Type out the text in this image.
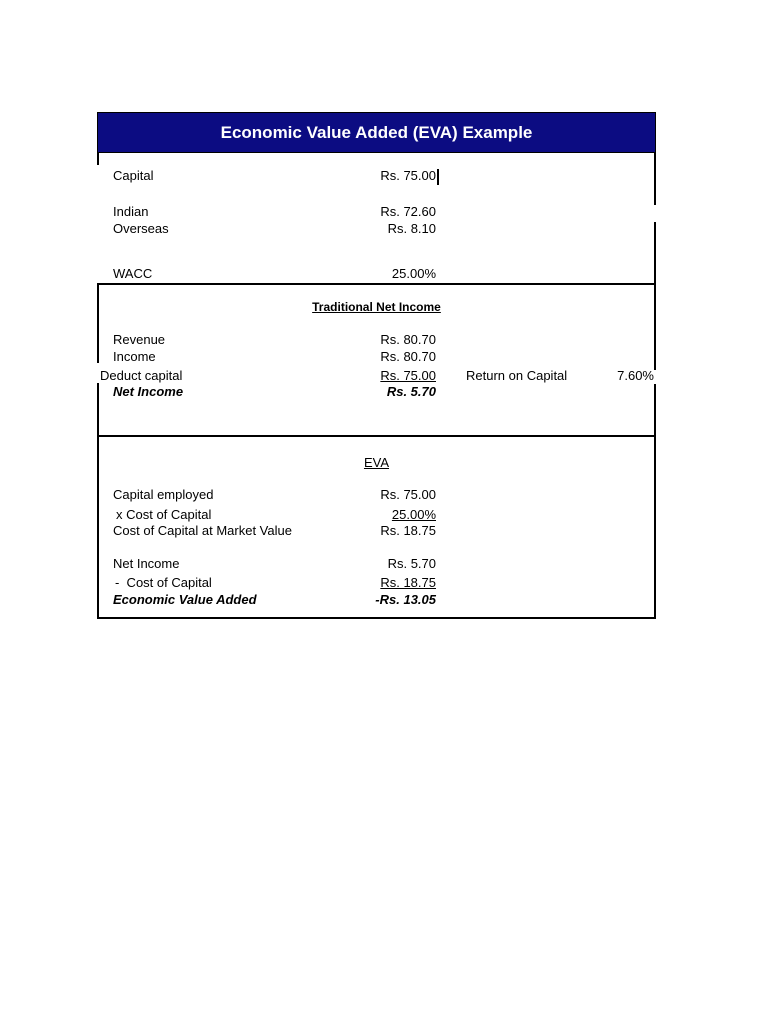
Economic Value Added (EVA) Example
Capital	Rs. 75.00
Indian	Rs. 72.60
Overseas	Rs. 8.10
WACC	25.00%
Traditional Net Income
Revenue	Rs. 80.70
Income	Rs. 80.70
Deduct capital	Rs. 75.00 Return on Capital	7.60%
Net Income	Rs. 5.70
EVA
Capital employed	Rs. 75.00
x Cost of Capital	25.00%
Cost of Capital at Market Value	Rs. 18.75
Net Income	Rs. 5.70
-  Cost of Capital	Rs. 18.75
Economic Value Added	-Rs. 13.05
